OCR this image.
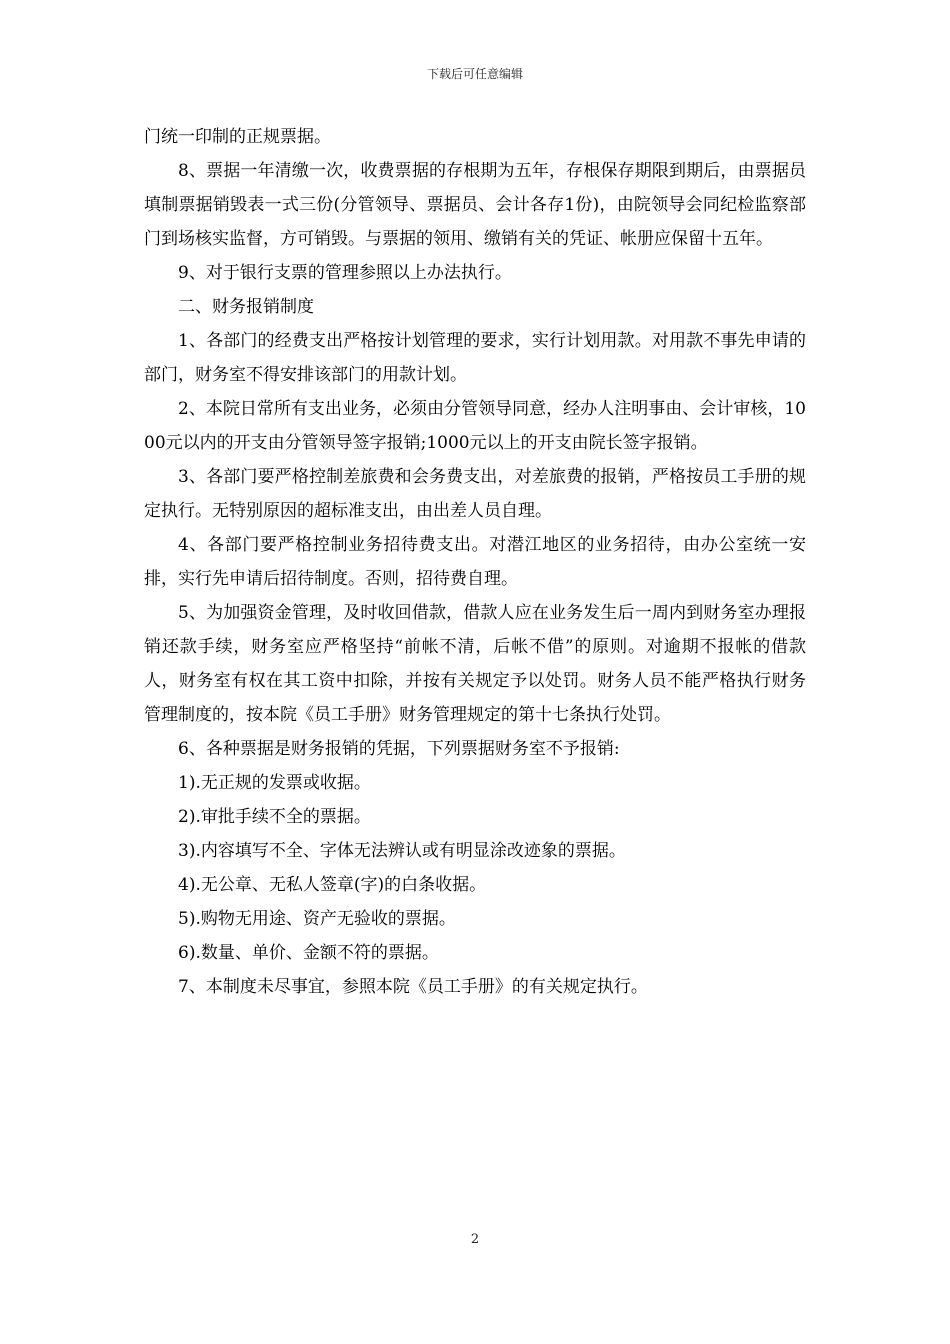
下载后可任意编辑

门统一印制的正规票据。

8、票据一年清缴一次，收费票据的存根期为五年，存根保存期限到期后，由票据员填制票据销毁表一式三份(分管领导、票据员、会计各存1份)，由院领导会同纪检监察部门到场核实监督，方可销毁。与票据的领用、缴销有关的凭证、帐册应保留十五年。

9、对于银行支票的管理参照以上办法执行。

二、财务报销制度

1、各部门的经费支出严格按计划管理的要求，实行计划用款。对用款不事先申请的部门，财务室不得安排该部门的用款计划。

2、本院日常所有支出业务，必须由分管领导同意，经办人注明事由、会计审核，1000元以内的开支由分管领导签字报销;1000元以上的开支由院长签字报销。

3、各部门要严格控制差旅费和会务费支出，对差旅费的报销，严格按员工手册的规定执行。无特别原因的超标准支出，由出差人员自理。

4、各部门要严格控制业务招待费支出。对潜江地区的业务招待，由办公室统一安排，实行先申请后招待制度。否则，招待费自理。

5、为加强资金管理，及时收回借款，借款人应在业务发生后一周内到财务室办理报销还款手续，财务室应严格坚持“前帐不清，后帐不借”的原则。对逾期不报帐的借款人，财务室有权在其工资中扣除，并按有关规定予以处罚。财务人员不能严格执行财务管理制度的，按本院《员工手册》财务管理规定的第十七条执行处罚。

6、各种票据是财务报销的凭据，下列票据财务室不予报销:

1).无正规的发票或收据。

2).审批手续不全的票据。

3).内容填写不全、字体无法辨认或有明显涂改迹象的票据。

4).无公章、无私人签章(字)的白条收据。

5).购物无用途、资产无验收的票据。

6).数量、单价、金额不符的票据。

7、本制度未尽事宜，参照本院《员工手册》的有关规定执行。

2
